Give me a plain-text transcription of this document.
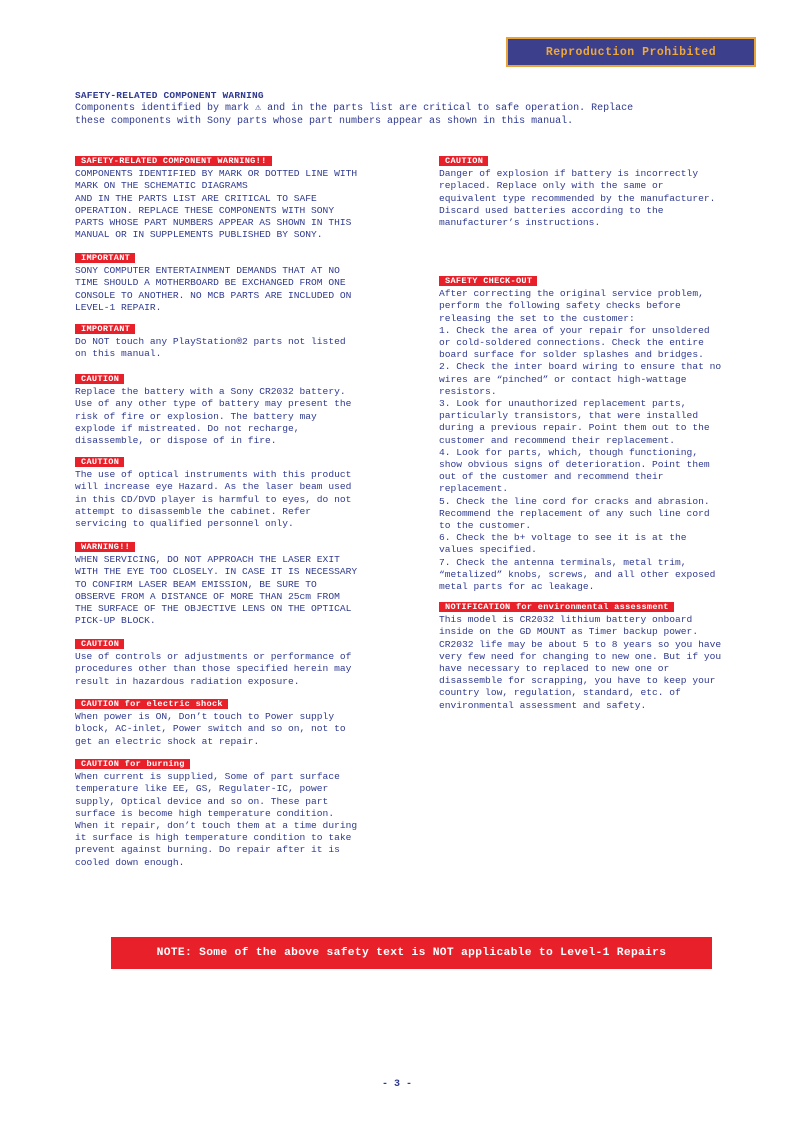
Reproduction Prohibited
SAFETY-RELATED COMPONENT WARNING
Components identified by mark ⚠ and in the parts list are critical to safe operation. Replace
these components with Sony parts whose part numbers appear as shown in this manual.
SAFETY-RELATED COMPONENT WARNING!!
COMPONENTS IDENTIFIED BY MARK OR DOTTED LINE WITH
MARK ON THE SCHEMATIC DIAGRAMS
AND IN THE PARTS LIST ARE CRITICAL TO SAFE
OPERATION. REPLACE THESE COMPONENTS WITH SONY
PARTS WHOSE PART NUMBERS APPEAR AS SHOWN IN THIS
MANUAL OR IN SUPPLEMENTS PUBLISHED BY SONY.
IMPORTANT
SONY COMPUTER ENTERTAINMENT DEMANDS THAT AT NO
TIME SHOULD A MOTHERBOARD BE EXCHANGED FROM ONE
CONSOLE TO ANOTHER. NO MCB PARTS ARE INCLUDED ON
LEVEL-1 REPAIR.
IMPORTANT
Do NOT touch any PlayStation®2 parts not listed
on this manual.
CAUTION
Replace the battery with a Sony CR2032 battery.
Use of any other type of battery may present the
risk of fire or explosion. The battery may
explode if mistreated. Do not recharge,
disassemble, or dispose of in fire.
CAUTION
The use of optical instruments with this product
will increase eye Hazard. As the laser beam used
in this CD/DVD player is harmful to eyes, do not
attempt to disassemble the cabinet. Refer
servicing to qualified personnel only.
WARNING!!
WHEN SERVICING, DO NOT APPROACH THE LASER EXIT
WITH THE EYE TOO CLOSELY. IN CASE IT IS NECESSARY
TO CONFIRM LASER BEAM EMISSION, BE SURE TO
OBSERVE FROM A DISTANCE OF MORE THAN 25cm FROM
THE SURFACE OF THE OBJECTIVE LENS ON THE OPTICAL
PICK-UP BLOCK.
CAUTION
Use of controls or adjustments or performance of
procedures other than those specified herein may
result in hazardous radiation exposure.
CAUTION for electric shock
When power is ON, Don’t touch to Power supply
block, AC-inlet, Power switch and so on, not to
get an electric shock at repair.
CAUTION for burning
When current is supplied, Some of part surface
temperature like EE, GS, Regulater-IC, power
supply, Optical device and so on. These part
surface is become high temperature condition.
When it repair, don’t touch them at a time during
it surface is high temperature condition to take
prevent against burning. Do repair after it is
cooled down enough.
CAUTION
Danger of explosion if battery is incorrectly
replaced. Replace only with the same or
equivalent type recommended by the manufacturer.
Discard used batteries according to the
manufacturer’s instructions.
SAFETY CHECK-OUT
After correcting the original service problem,
perform the following safety checks before
releasing the set to the customer:
1. Check the area of your repair for unsoldered
or cold-soldered connections. Check the entire
board surface for solder splashes and bridges.
2. Check the inter board wiring to ensure that no
wires are “pinched” or contact high-wattage
resistors.
3. Look for unauthorized replacement parts,
particularly transistors, that were installed
during a previous repair. Point them out to the
customer and recommend their replacement.
4. Look for parts, which, though functioning,
show obvious signs of deterioration. Point them
out of the customer and recommend their
replacement.
5. Check the line cord for cracks and abrasion.
Recommend the replacement of any such line cord
to the customer.
6. Check the b+ voltage to see it is at the
values specified.
7. Check the antenna terminals, metal trim,
“metalized” knobs, screws, and all other exposed
metal parts for ac leakage.
NOTIFICATION for environmental assessment
This model is CR2032 lithium battery onboard
inside on the GD MOUNT as Timer backup power.
CR2032 life may be about 5 to 8 years so you have
very few need for changing to new one. But if you
have necessary to replaced to new one or
disassemble for scrapping, you have to keep your
country low, regulation, standard, etc. of
environmental assessment and safety.
NOTE: Some of the above safety text is NOT applicable to Level-1 Repairs
- 3 -
